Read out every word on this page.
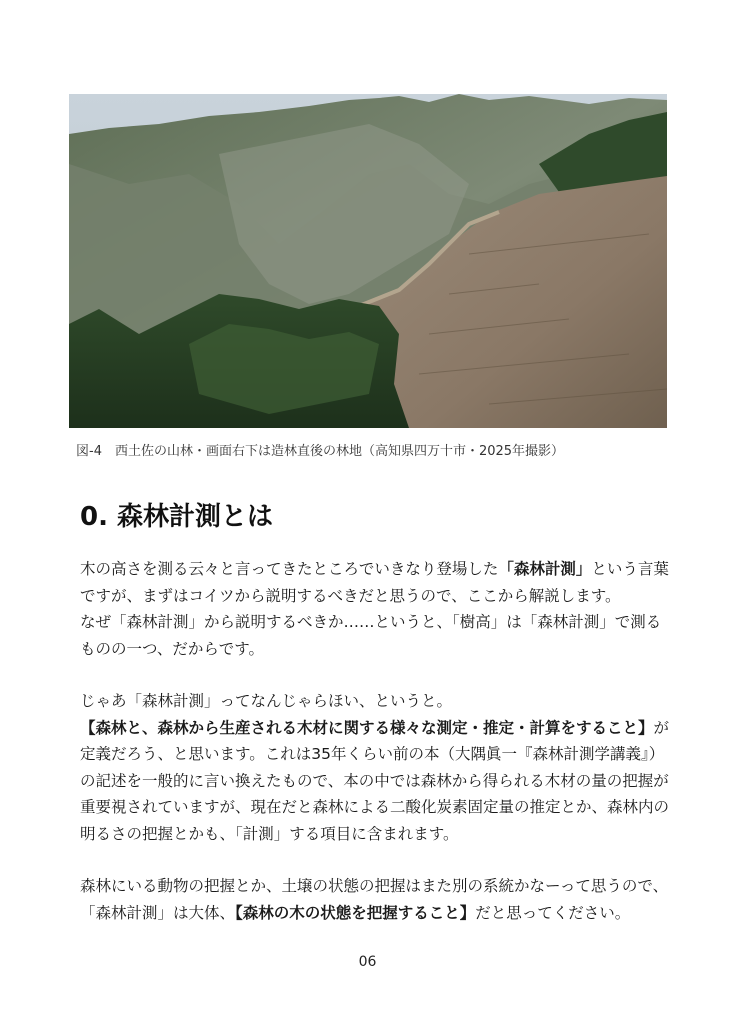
図-4　西土佐の山林・画面右下は造林直後の林地（高知県四万十市・2025年撮影）
0. 森林計測とは

木の高さを測る云々と言ってきたところでいきなり登場した「森林計測」という言葉
ですが、まずはコイツから説明するべきだと思うので、ここから解説します。
なぜ「森林計測」から説明するべきか……というと、「樹高」は「森林計測」で測る
ものの一つ、だからです。

じゃあ「森林計測」ってなんじゃらほい、というと。
【森林と、森林から生産される木材に関する様々な測定・推定・計算をすること】が
定義だろう、と思います。これは35年くらい前の本（大隅眞一『森林計測学講義』）
の記述を一般的に言い換えたもので、本の中では森林から得られる木材の量の把握が
重要視されていますが、現在だと森林による二酸化炭素固定量の推定とか、森林内の
明るさの把握とかも、「計測」する項目に含まれます。

森林にいる動物の把握とか、土壌の状態の把握はまた別の系統かなーって思うので、
「森林計測」は大体、【森林の木の状態を把握すること】だと思ってください。

06
